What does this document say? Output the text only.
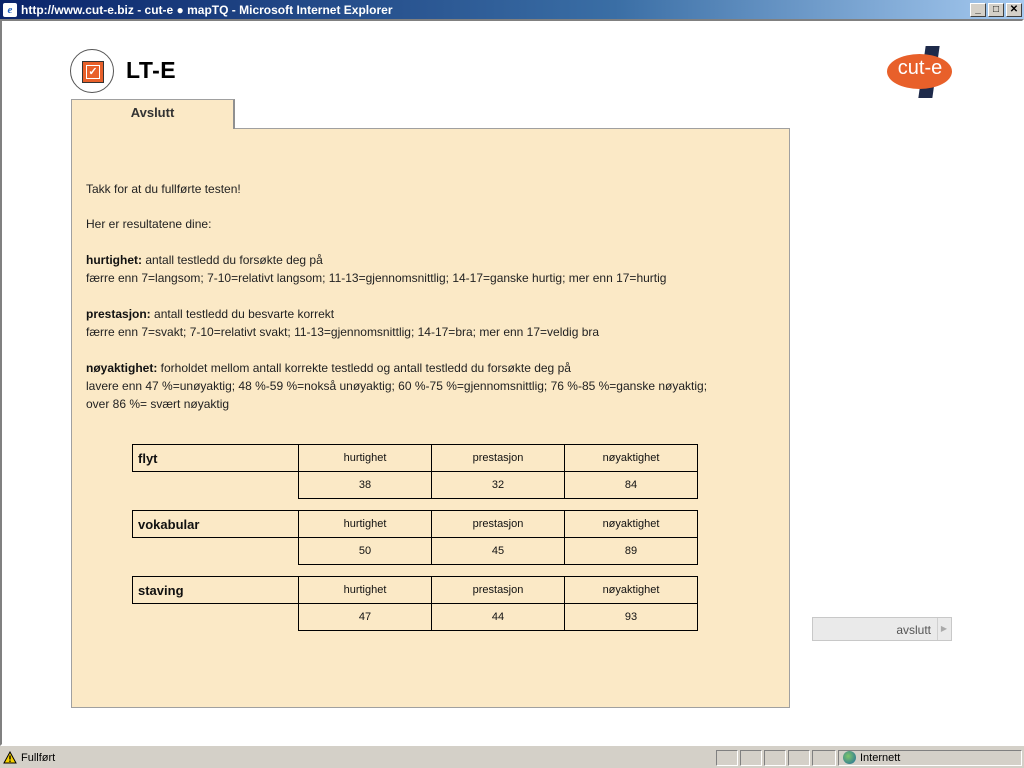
e http://www.cut-e.biz - cut-e ● mapTQ - Microsoft Internet Explorer	_	□	✕
✓ LT-E	cut-e
Avslutt
Takk for at du fullførte testen!
Her er resultatene dine:
hurtighet: antall testledd du forsøkte deg på
færre enn 7=langsom; 7-10=relativt langsom; 11-13=gjennomsnittlig; 14-17=ganske hurtig; mer enn 17=hurtig
prestasjon: antall testledd du besvarte korrekt
færre enn 7=svakt; 7-10=relativt svakt; 11-13=gjennomsnittlig; 14-17=bra; mer enn 17=veldig bra
nøyaktighet: forholdet mellom antall korrekte testledd og antall testledd du forsøkte deg på
lavere enn 47 %=unøyaktig; 48 %-59 %=nokså unøyaktig; 60 %-75 %=gjennomsnittlig; 76 %-85 %=ganske nøyaktig;
over 86 %= svært nøyaktig
flyt	hurtighet	prestasjon	nøyaktighet
	38	32	84
vokabular	hurtighet	prestasjon	nøyaktighet
	50	45	89
staving	hurtighet	prestasjon	nøyaktighet
	47	44	93
avslutt	▶
Fullført	Internett
